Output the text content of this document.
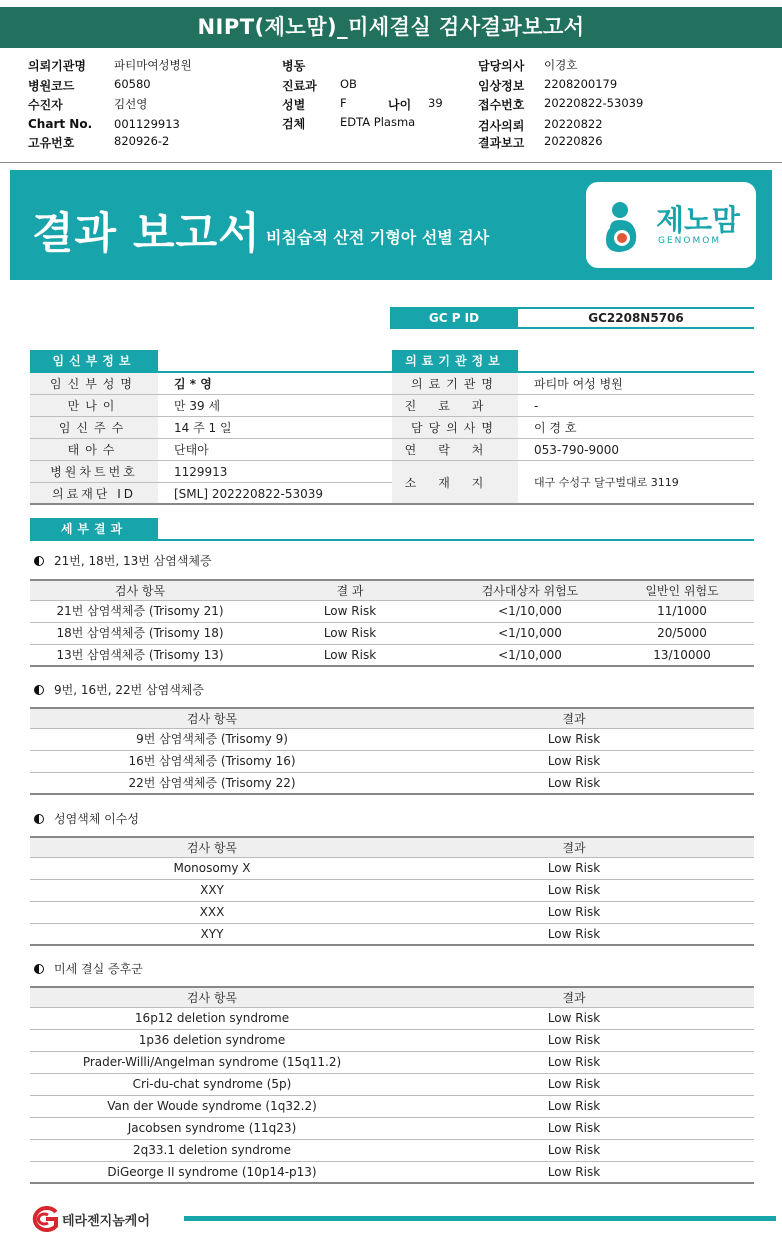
NIPT(제노맘)_미세결실 검사결과보고서
의뢰기관명 파티마여성병원
병원코드	60580
수진자	김선영
Chart No. 001129913
고유번호	820926-2
병동
진료과 OB
성별	F	나이 39
검체	EDTA Plasma
담당의사 이경호
임상정보 2208200179
접수번호 20220822-53039
검사의뢰 20220822
결과보고 20220826
결과 보고서 비침습적 산전 기형아 선별 검사
제노맘
GENOMOM
GC P ID	GC2208N5706
임신부정보
임신부성명	김 * 영
만나이	만 39 세
임신주수	14 주 1 일
태아수	단태아
병원차트번호	1129913
의료재단 ID	[SML] 202220822-53039
의료기관정보
의료기관명	파티마 여성 병원
진료과	-
담당의사명	이 경 호
연락처	053-790-9000
소재지	대구 수성구 달구벌대로 3119
세부결과
21번, 18번, 13번 삼염색체증
검사 항목	결 과	검사대상자 위험도	일반인 위험도
21번 삼염색체증 (Trisomy 21)	Low Risk	<1/10,000	11/1000
18번 삼염색체증 (Trisomy 18)	Low Risk	<1/10,000	20/5000
13번 삼염색체증 (Trisomy 13)	Low Risk	<1/10,000	13/10000
9번, 16번, 22번 삼염색체증
검사 항목	결과
9번 삼염색체증 (Trisomy 9)	Low Risk
16번 삼염색체증 (Trisomy 16)	Low Risk
22번 삼염색체증 (Trisomy 22)	Low Risk
성염색체 이수성
검사 항목	결과
Monosomy X	Low Risk
XXY	Low Risk
XXX	Low Risk
XYY	Low Risk
미세 결실 증후군
검사 항목	결과
16p12 deletion syndrome	Low Risk
1p36 deletion syndrome	Low Risk
Prader-Willi/Angelman syndrome (15q11.2)	Low Risk
Cri-du-chat syndrome (5p)	Low Risk
Van der Woude syndrome (1q32.2)	Low Risk
Jacobsen syndrome (11q23)	Low Risk
2q33.1 deletion syndrome	Low Risk
DiGeorge II syndrome (10p14-p13)	Low Risk
테라젠지놈케어
